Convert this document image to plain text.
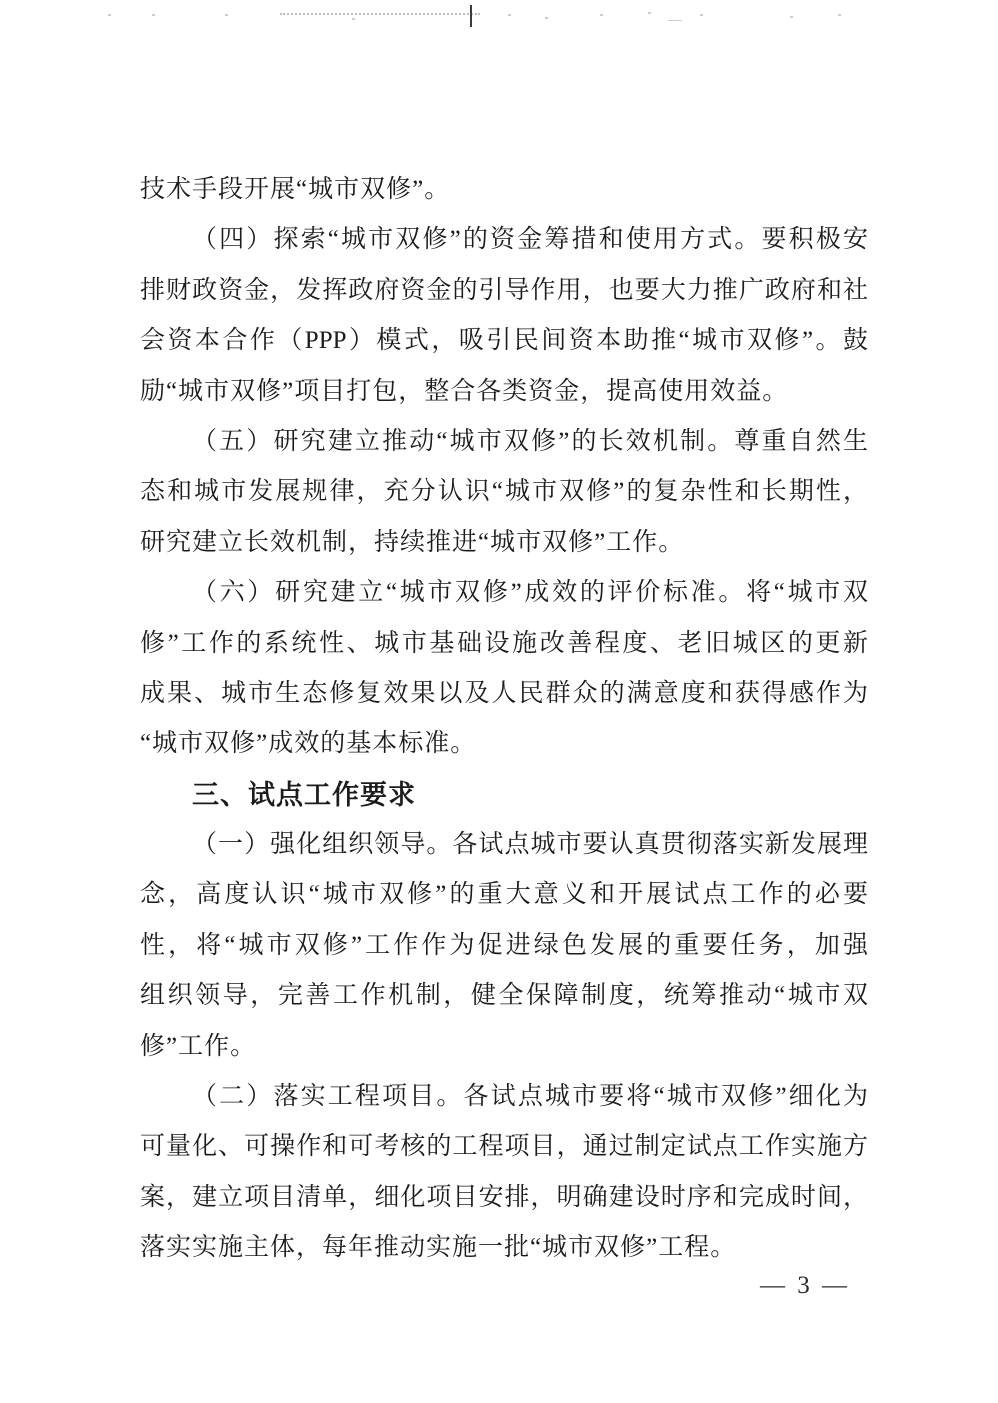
技术手段开展“城市双修”。
（四）探索“城市双修”的资金筹措和使用方式。要积极安
排财政资金，发挥政府资金的引导作用，也要大力推广政府和社
会资本合作（PPP）模式，吸引民间资本助推“城市双修”。鼓
励“城市双修”项目打包，整合各类资金，提高使用效益。
（五）研究建立推动“城市双修”的长效机制。尊重自然生
态和城市发展规律，充分认识“城市双修”的复杂性和长期性，
研究建立长效机制，持续推进“城市双修”工作。
（六）研究建立“城市双修”成效的评价标准。将“城市双
修”工作的系统性、城市基础设施改善程度、老旧城区的更新
成果、城市生态修复效果以及人民群众的满意度和获得感作为
“城市双修”成效的基本标准。
三、试点工作要求
（一）强化组织领导。各试点城市要认真贯彻落实新发展理
念，高度认识“城市双修”的重大意义和开展试点工作的必要
性，将“城市双修”工作作为促进绿色发展的重要任务，加强
组织领导，完善工作机制，健全保障制度，统筹推动“城市双
修”工作。
（二）落实工程项目。各试点城市要将“城市双修”细化为
可量化、可操作和可考核的工程项目，通过制定试点工作实施方
案，建立项目清单，细化项目安排，明确建设时序和完成时间，
落实实施主体，每年推动实施一批“城市双修”工程。
— 3 —
